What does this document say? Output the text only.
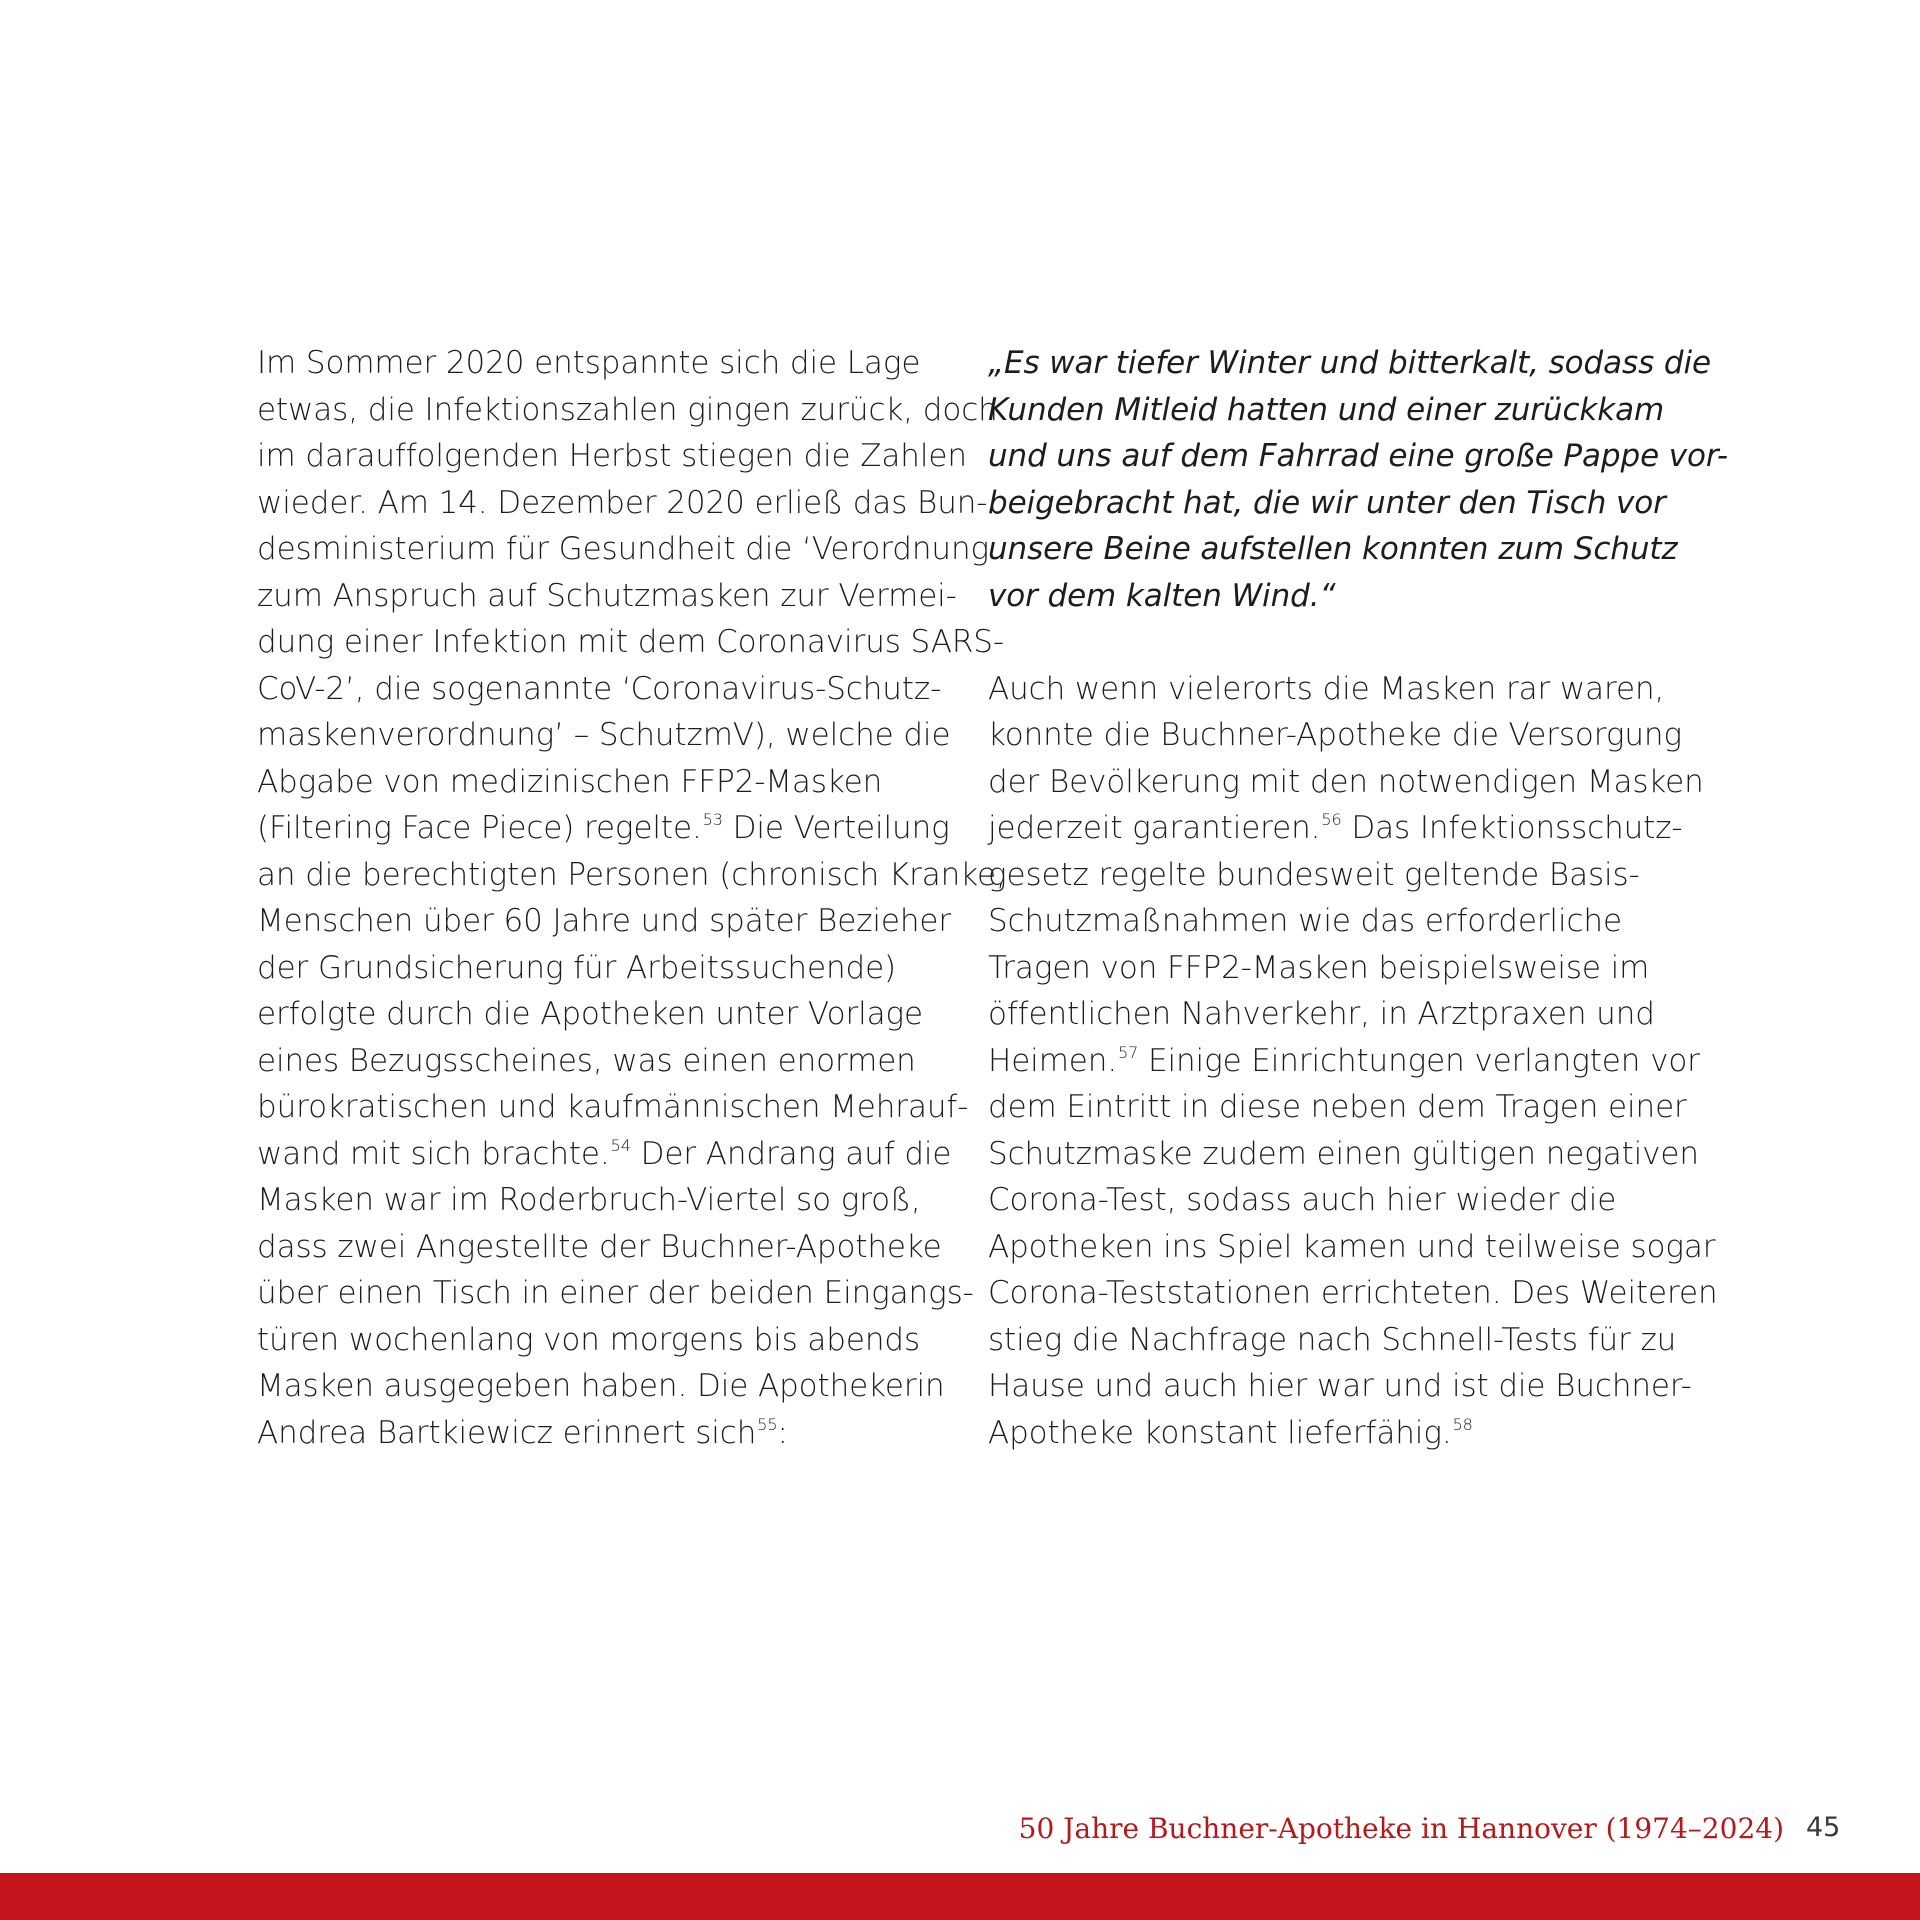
Im Sommer 2020 entspannte sich die Lage
etwas, die Infektionszahlen gingen zurück, doch
im darauffolgenden Herbst stiegen die Zahlen
wieder. Am 14. Dezember 2020 erließ das Bun-
desministerium für Gesundheit die ‘Verordnung
zum Anspruch auf Schutzmasken zur Vermei-
dung einer Infektion mit dem Coronavirus SARS-
CoV-2’, die sogenannte ‘Coronavirus-Schutz-
maskenverordnung’ – SchutzmV), welche die
Abgabe von medizinischen FFP2-Masken
(Filtering Face Piece) regelte.$^{53}$ Die Verteilung
an die berechtigten Personen (chronisch Kranke,
Menschen über 60 Jahre und später Bezieher
der Grundsicherung für Arbeitssuchende)
erfolgte durch die Apotheken unter Vorlage
eines Bezugsscheines, was einen enormen
bürokratischen und kaufmännischen Mehrauf-
wand mit sich brachte.$^{54}$ Der Andrang auf die
Masken war im Roderbruch-Viertel so groß,
dass zwei Angestellte der Buchner-Apotheke
über einen Tisch in einer der beiden Eingangs-
türen wochenlang von morgens bis abends
Masken ausgegeben haben. Die Apothekerin
Andrea Bartkiewicz erinnert sich$^{55}$:
„Es war tiefer Winter und bitterkalt, sodass die
Kunden Mitleid hatten und einer zurückkam
und uns auf dem Fahrrad eine große Pappe vor-
beigebracht hat, die wir unter den Tisch vor
unsere Beine aufstellen konnten zum Schutz
vor dem kalten Wind.“
Auch wenn vielerorts die Masken rar waren,
konnte die Buchner-Apotheke die Versorgung
der Bevölkerung mit den notwendigen Masken
jederzeit garantieren.$^{56}$ Das Infektionsschutz-
gesetz regelte bundesweit geltende Basis-
Schutzmaßnahmen wie das erforderliche
Tragen von FFP2-Masken beispielsweise im
öffentlichen Nahverkehr, in Arztpraxen und
Heimen.$^{57}$ Einige Einrichtungen verlangten vor
dem Eintritt in diese neben dem Tragen einer
Schutzmaske zudem einen gültigen negativen
Corona-Test, sodass auch hier wieder die
Apotheken ins Spiel kamen und teilweise sogar
Corona-Teststationen errichteten. Des Weiteren
stieg die Nachfrage nach Schnell-Tests für zu
Hause und auch hier war und ist die Buchner-
Apotheke konstant lieferfähig.$^{58}$
50 Jahre Buchner-Apotheke in Hannover (1974–2024) 45
